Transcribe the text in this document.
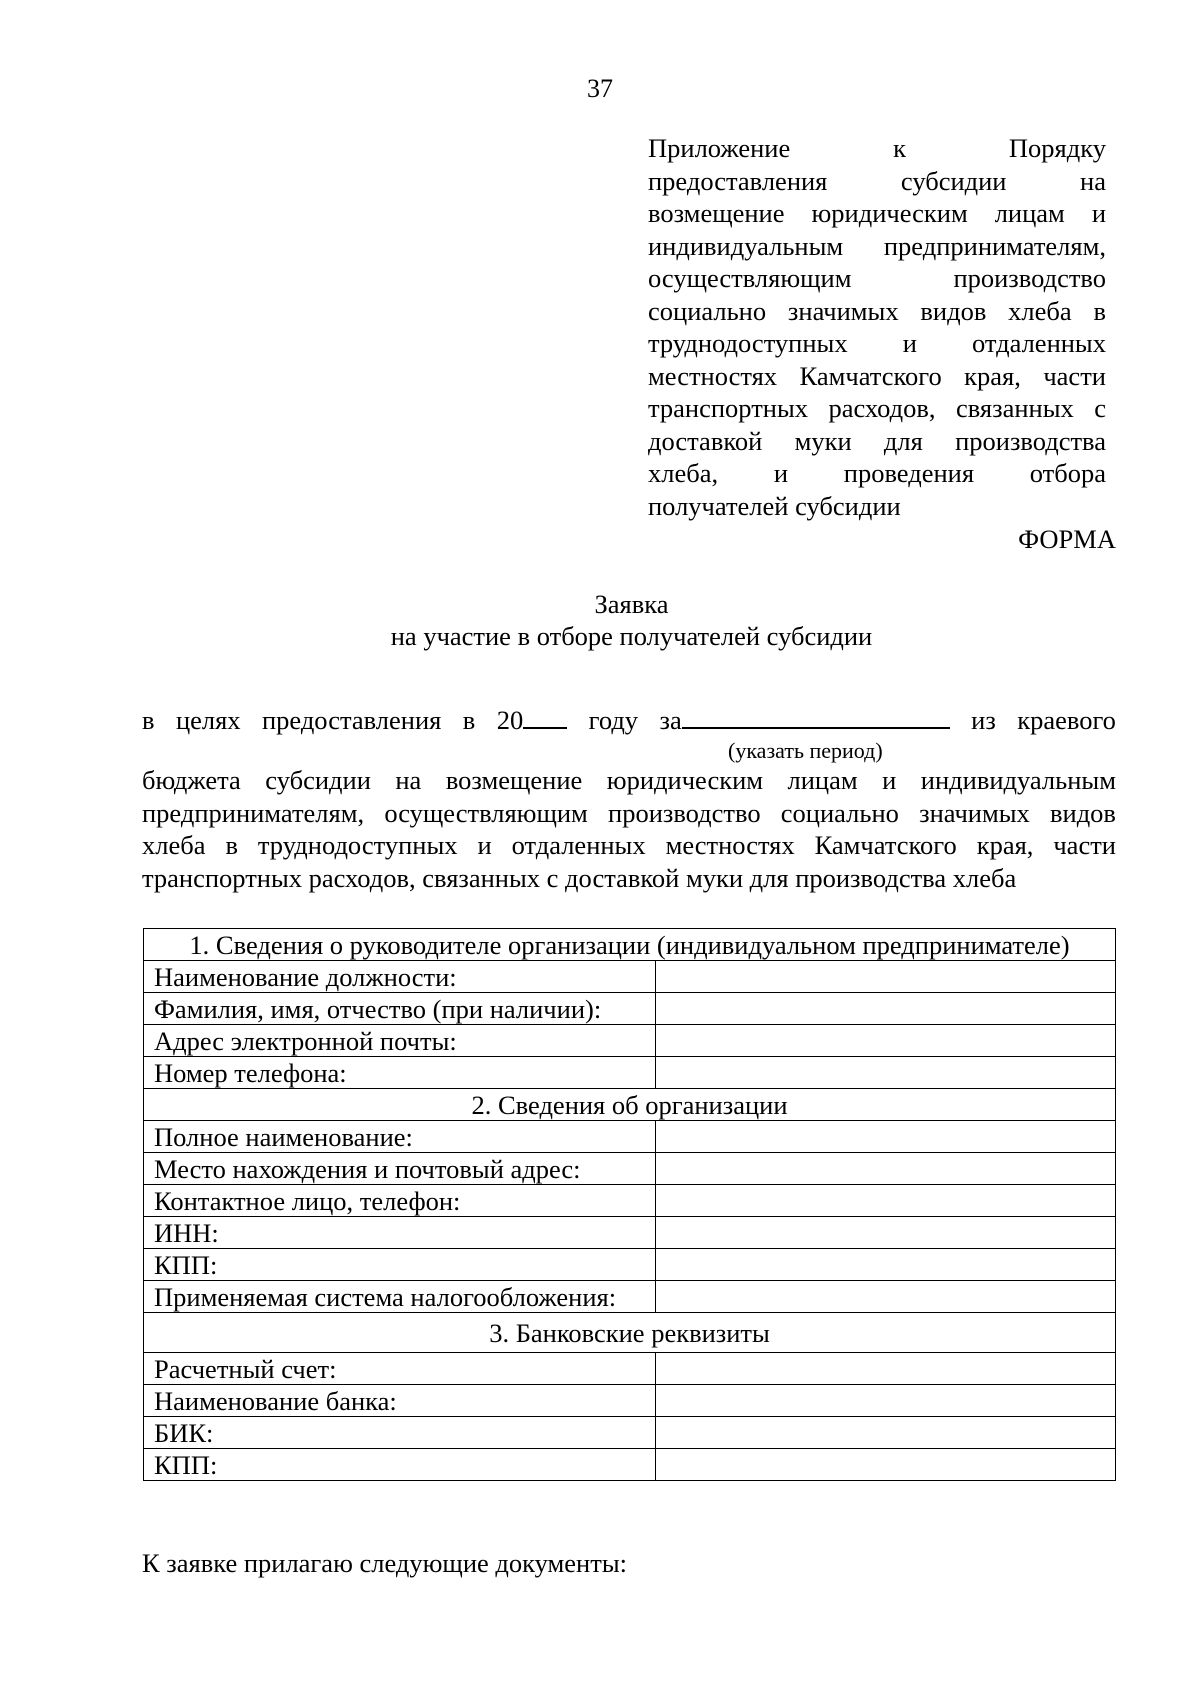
37
Приложение	к	Порядку
предоставления	субсидии	на
возмещение юридическим лицам и
индивидуальным предпринимателям,
осуществляющим	производство
социально значимых видов хлеба в
труднодоступных и отдаленных
местностях Камчатского края, части
транспортных расходов, связанных с
доставкой муки для производства
хлеба, и проведения отбора
получателей субсидии
ФОРМА
Заявка
на участие в отборе получателей субсидии
в целях предоставления в 20	году за	из краевого
(указать период)
бюджета субсидии на возмещение юридическим лицам и индивидуальным
предпринимателям, осуществляющим производство социально значимых видов
хлеба в труднодоступных и отдаленных местностях Камчатского края, части
транспортных расходов, связанных с доставкой муки для производства хлеба
1. Сведения о руководителе организации (индивидуальном предпринимателе)	
Наименование должности:	
Фамилия, имя, отчество (при наличии):	
Адрес электронной почты:	
Номер телефона:	
2. Сведения об организации	
Полное наименование:	
Место нахождения и почтовый адрес:	
Контактное лицо, телефон:	
ИНН:	
КПП:	
Применяемая система налогообложения:	
3. Банковские реквизиты	
Расчетный счет:	
Наименование банка:	
БИК:	
КПП:	
К заявке прилагаю следующие документы:
